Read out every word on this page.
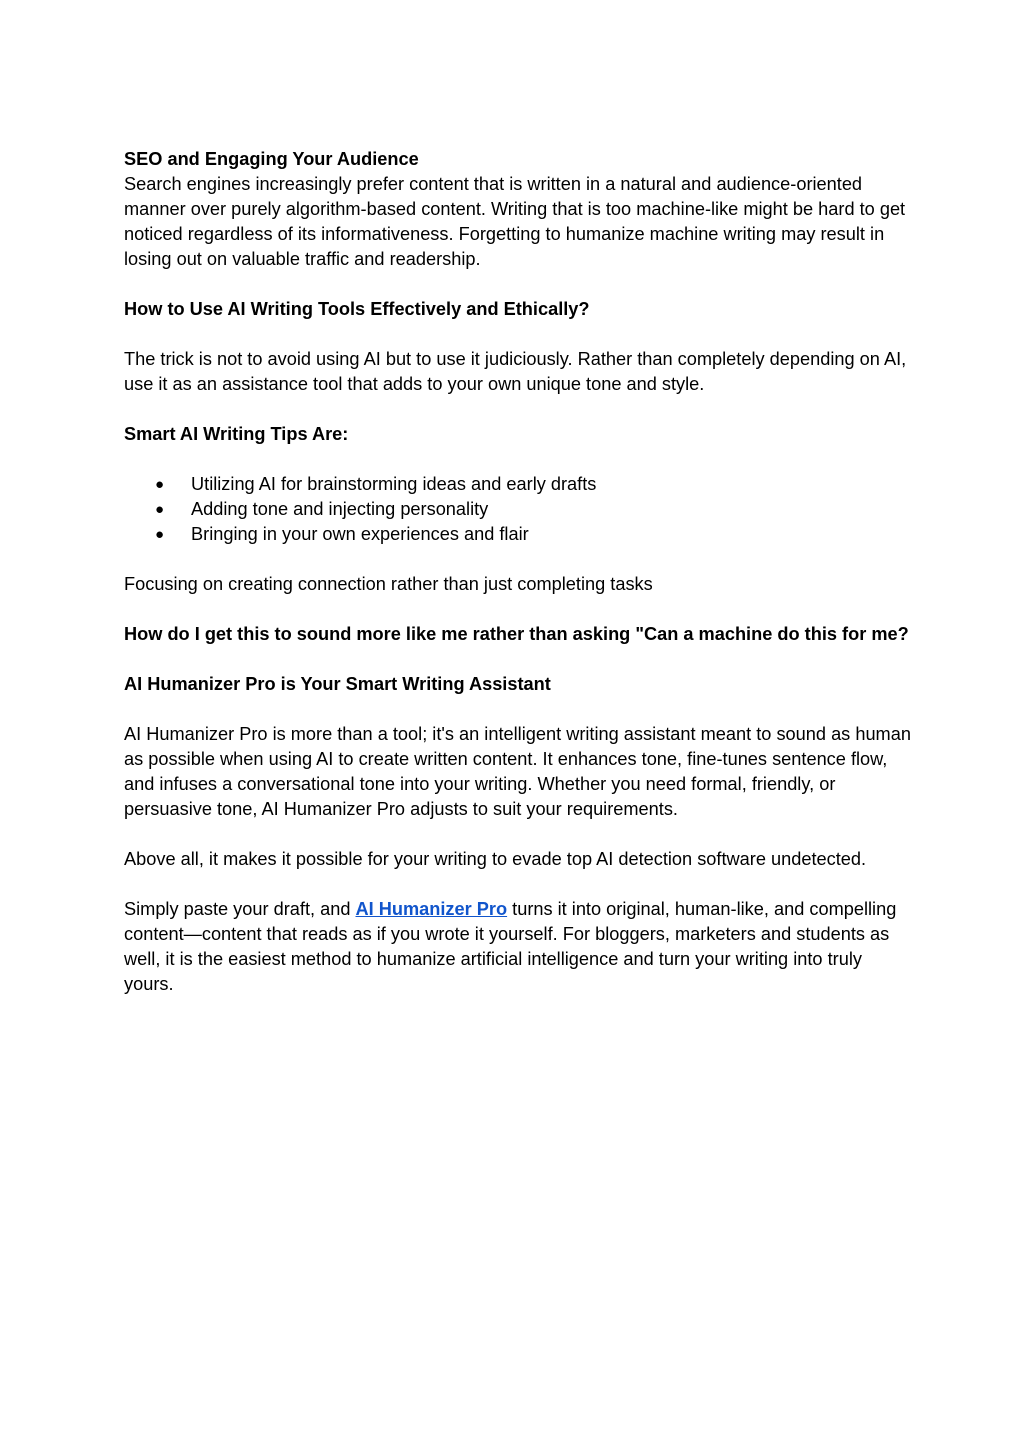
SEO and Engaging Your Audience

Search engines increasingly prefer content that is written in a natural and audience-oriented manner over purely algorithm-based content. Writing that is too machine-like might be hard to get noticed regardless of its informativeness. Forgetting to humanize machine writing may result in losing out on valuable traffic and readership.

How to Use AI Writing Tools Effectively and Ethically?

The trick is not to avoid using AI but to use it judiciously. Rather than completely depending on AI, use it as an assistance tool that adds to your own unique tone and style.

Smart AI Writing Tips Are:

● Utilizing AI for brainstorming ideas and early drafts
● Adding tone and injecting personality
● Bringing in your own experiences and flair

Focusing on creating connection rather than just completing tasks

How do I get this to sound more like me rather than asking "Can a machine do this for me?

AI Humanizer Pro is Your Smart Writing Assistant

AI Humanizer Pro is more than a tool; it's an intelligent writing assistant meant to sound as human as possible when using AI to create written content. It enhances tone, fine-tunes sentence flow, and infuses a conversational tone into your writing. Whether you need formal, friendly, or persuasive tone, AI Humanizer Pro adjusts to suit your requirements.

Above all, it makes it possible for your writing to evade top AI detection software undetected.

Simply paste your draft, and AI Humanizer Pro turns it into original, human-like, and compelling content—content that reads as if you wrote it yourself. For bloggers, marketers and students as well, it is the easiest method to humanize artificial intelligence and turn your writing into truly yours.
